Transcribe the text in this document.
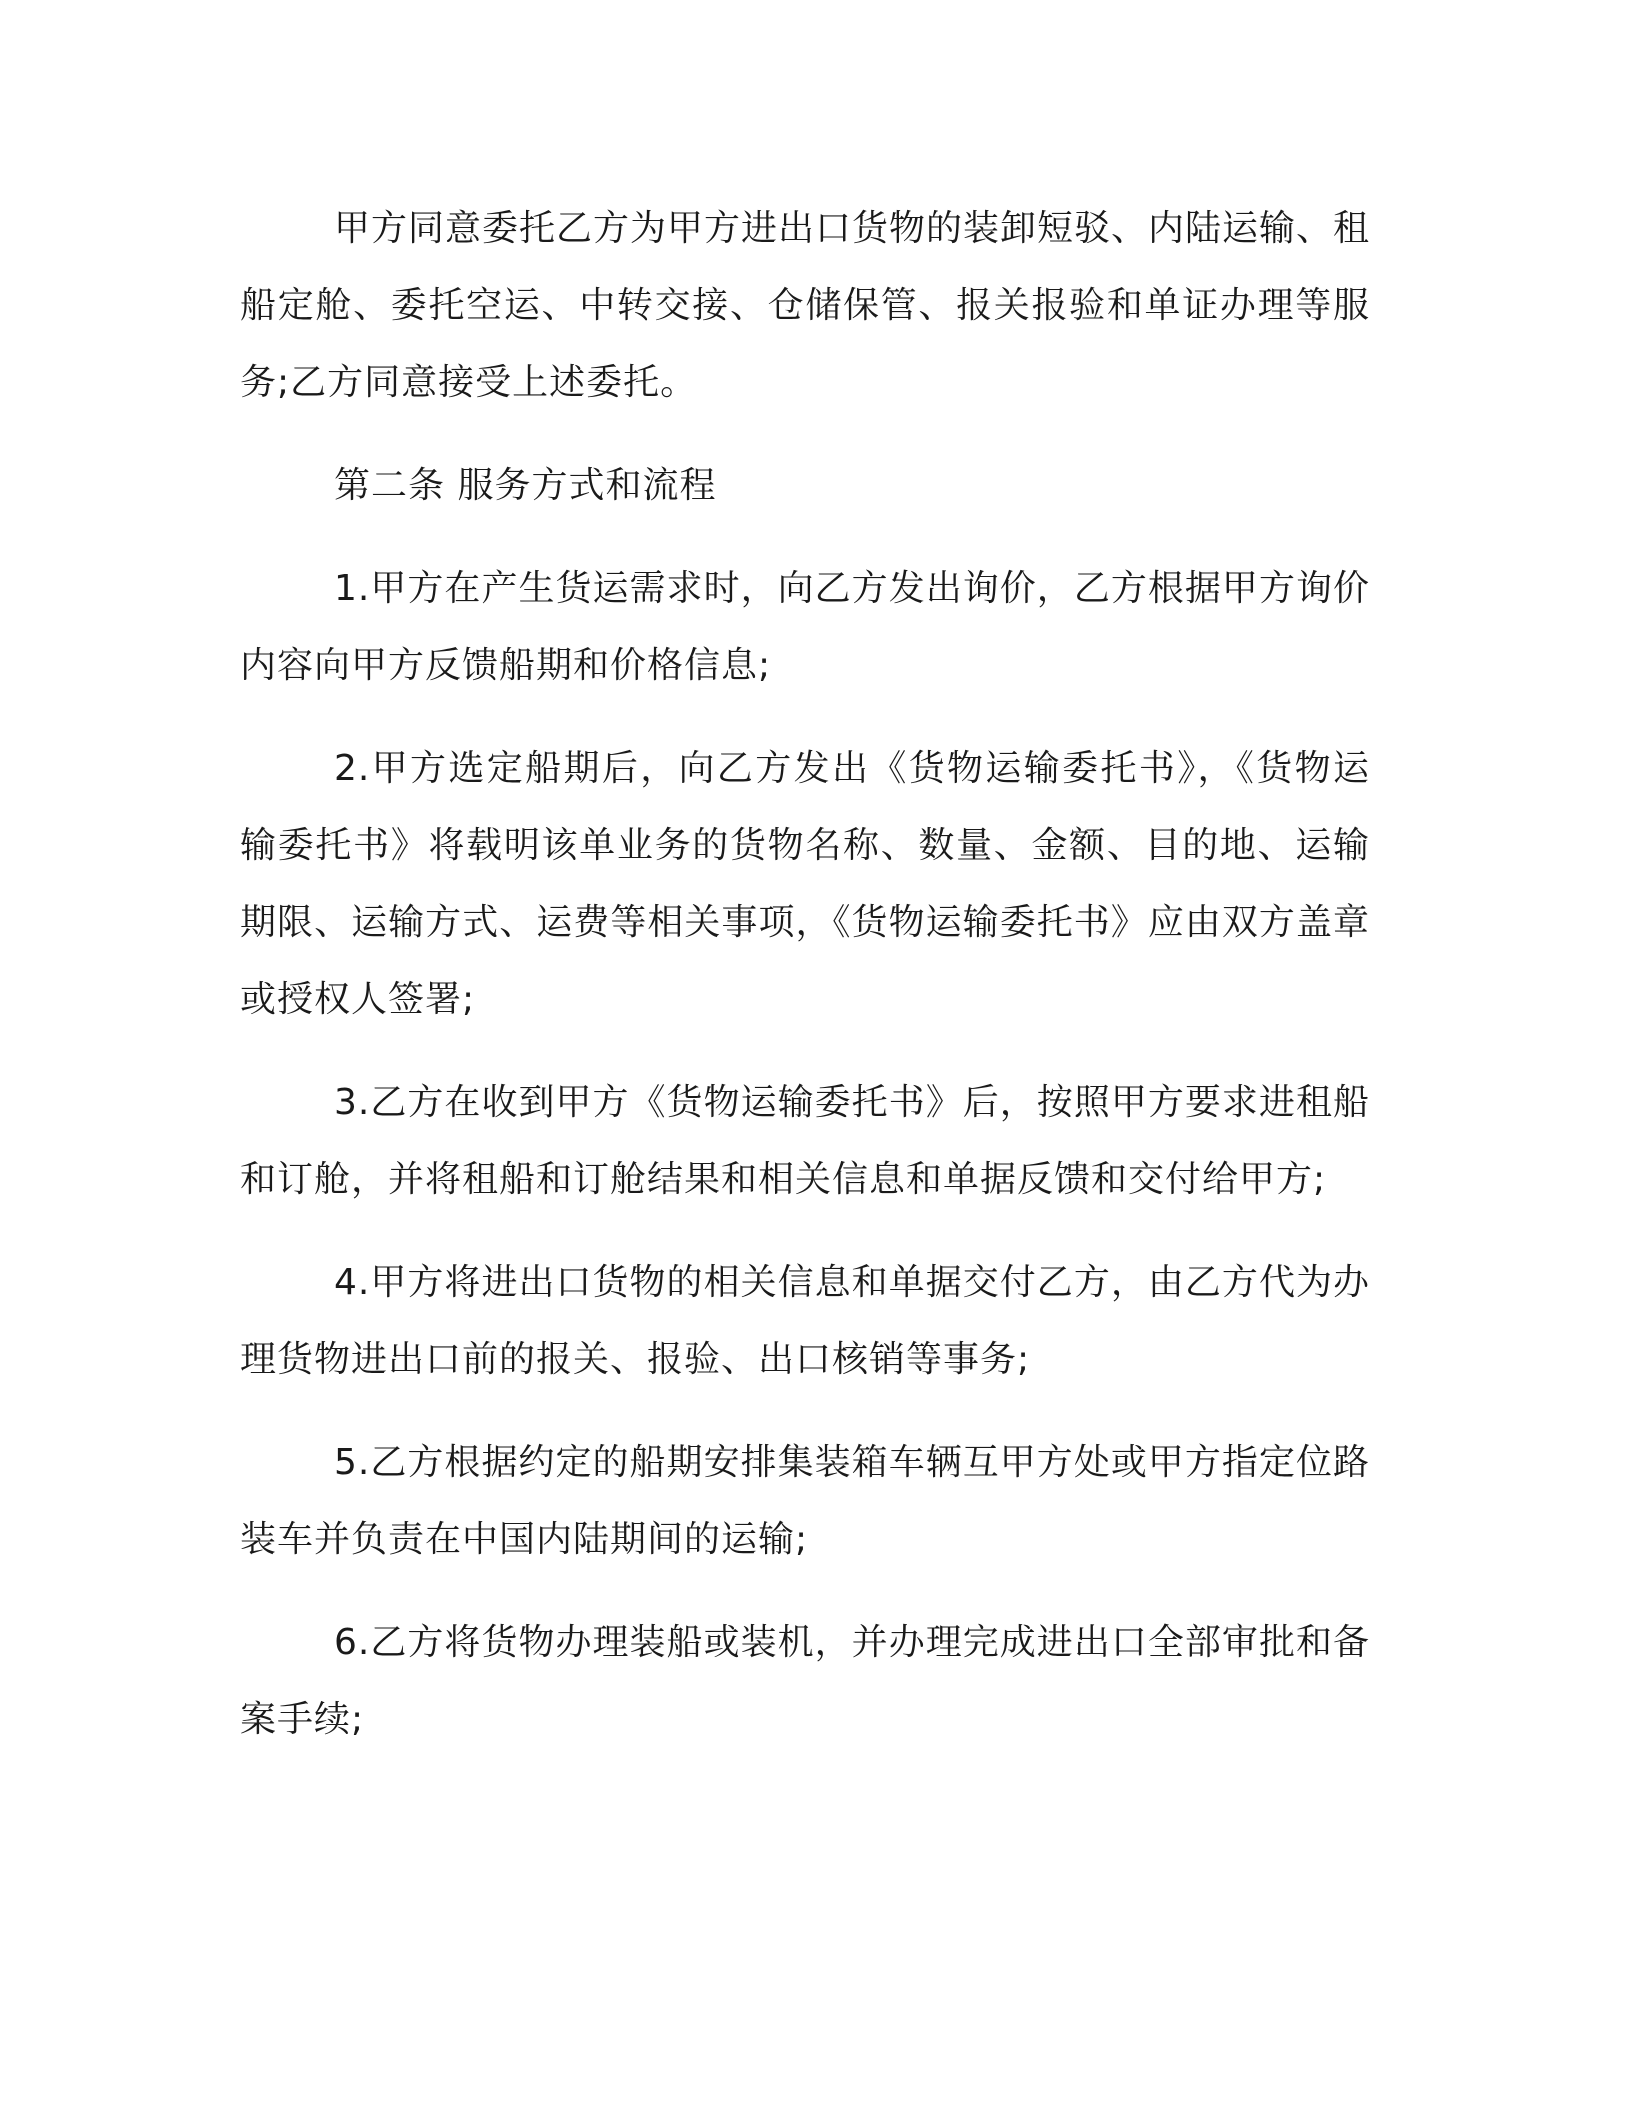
甲方同意委托乙方为甲方进出口货物的装卸短驳、内陆运输、租船定舱、委托空运、中转交接、仓储保管、报关报验和单证办理等服务;乙方同意接受上述委托。

第二条 服务方式和流程

1.甲方在产生货运需求时，向乙方发出询价，乙方根据甲方询价内容向甲方反馈船期和价格信息;

2.甲方选定船期后，向乙方发出《货物运输委托书》，《货物运输委托书》将载明该单业务的货物名称、数量、金额、目的地、运输期限、运输方式、运费等相关事项，《货物运输委托书》应由双方盖章或授权人签署;

3.乙方在收到甲方《货物运输委托书》后，按照甲方要求进租船和订舱，并将租船和订舱结果和相关信息和单据反馈和交付给甲方;

4.甲方将进出口货物的相关信息和单据交付乙方，由乙方代为办理货物进出口前的报关、报验、出口核销等事务;

5.乙方根据约定的船期安排集装箱车辆互甲方处或甲方指定位路装车并负责在中国内陆期间的运输;

6.乙方将货物办理装船或装机，并办理完成进出口全部审批和备案手续;
